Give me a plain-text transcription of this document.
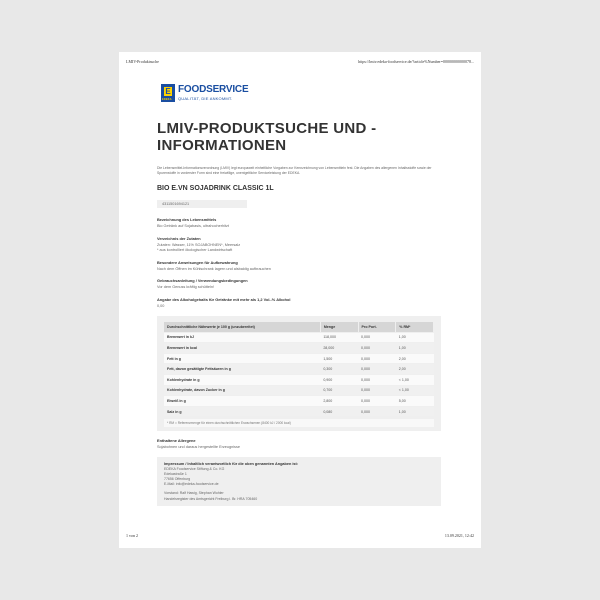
LMIV-Produktsuche	https://lmiv.edeka-foodservice.de/?article%Number=00000000000078...
E
EDEKA
FOODSERVICE
QUALITÄT, DIE ANKOMMT.
LMIV-PRODUKTSUCHE UND -INFORMATIONEN

Die Lebensmittel-Informationsverordnung (LMIV) legt europaweit einheitliche Vorgaben zur Kennzeichnung von Lebensmitteln fest. Die Angaben des allergenen Inhaltsstoffe sowie der Spurenstoffe in vorderster Form sind eine freiwillige, unentgeltliche Serviceleistung der EDEKA.

BIO E.VN SOJADRINK CLASSIC 1L
4311501694121
Bezeichnung des Lebensmittels
Bio Getränk auf Sojabasis, ultrahocherhitzt
Verzeichnis der Zutaten
Zutaten: Wasser, 11% SOJABOHNEN*, Meersalz
* aus kontrolliert ökologischer Landwirtschaft
Besondere Anweisungen für Aufbewahrung
Nach dem Öffnen im Kühlschrank lagern und alsbaldig aufbrauchen
Gebrauchsanleitung / Verwendungsbedingungen
Vor dem Genuss kräftig schütteln!
Angabe des Alkoholgehalts für Getränke mit mehr als 1,2 Vol.-% Alkohol
0,00
Durchschnittliche Nährwerte je 100 g (unzubereitet)	Menge	Pro Port.	% RM*
Brennwert in kJ	118,000	0,000	1,00
Brennwert in kcal	28,000	0,000	1,00
Fett in g	1,500	0,000	2,00
Fett, davon gesättigte Fettsäuren in g	0,300	0,000	2,00
Kohlenhydrate in g	0,900	0,000	< 1,00
Kohlenhydrate, davon Zucker in g	0,700	0,000	< 1,00
Eiweiß in g	2,800	0,000	5,00
Salz in g	0,080	0,000	1,00
* RM = Referenzmenge für einen durchschnittlichen Erwachsenen (8400 kJ / 2000 kcal)
Enthaltene Allergene
Sojabohnen und daraus hergestellte Erzeugnisse
Impressum / Inhaltlich verantwortlich für die oben genannten Angaben ist:
EDEKA Foodservice Stiftung & Co. KG
Edekastraße 1
77656 Offenburg
E-Mail: info@edeka-foodservice.de
Vorstand: Ralf Hawig, Stephan Wohler
Handelsregister des Amtsgericht Freiburg i. Br. HRA 705460
1 von 2	13.09.2021, 12:42
